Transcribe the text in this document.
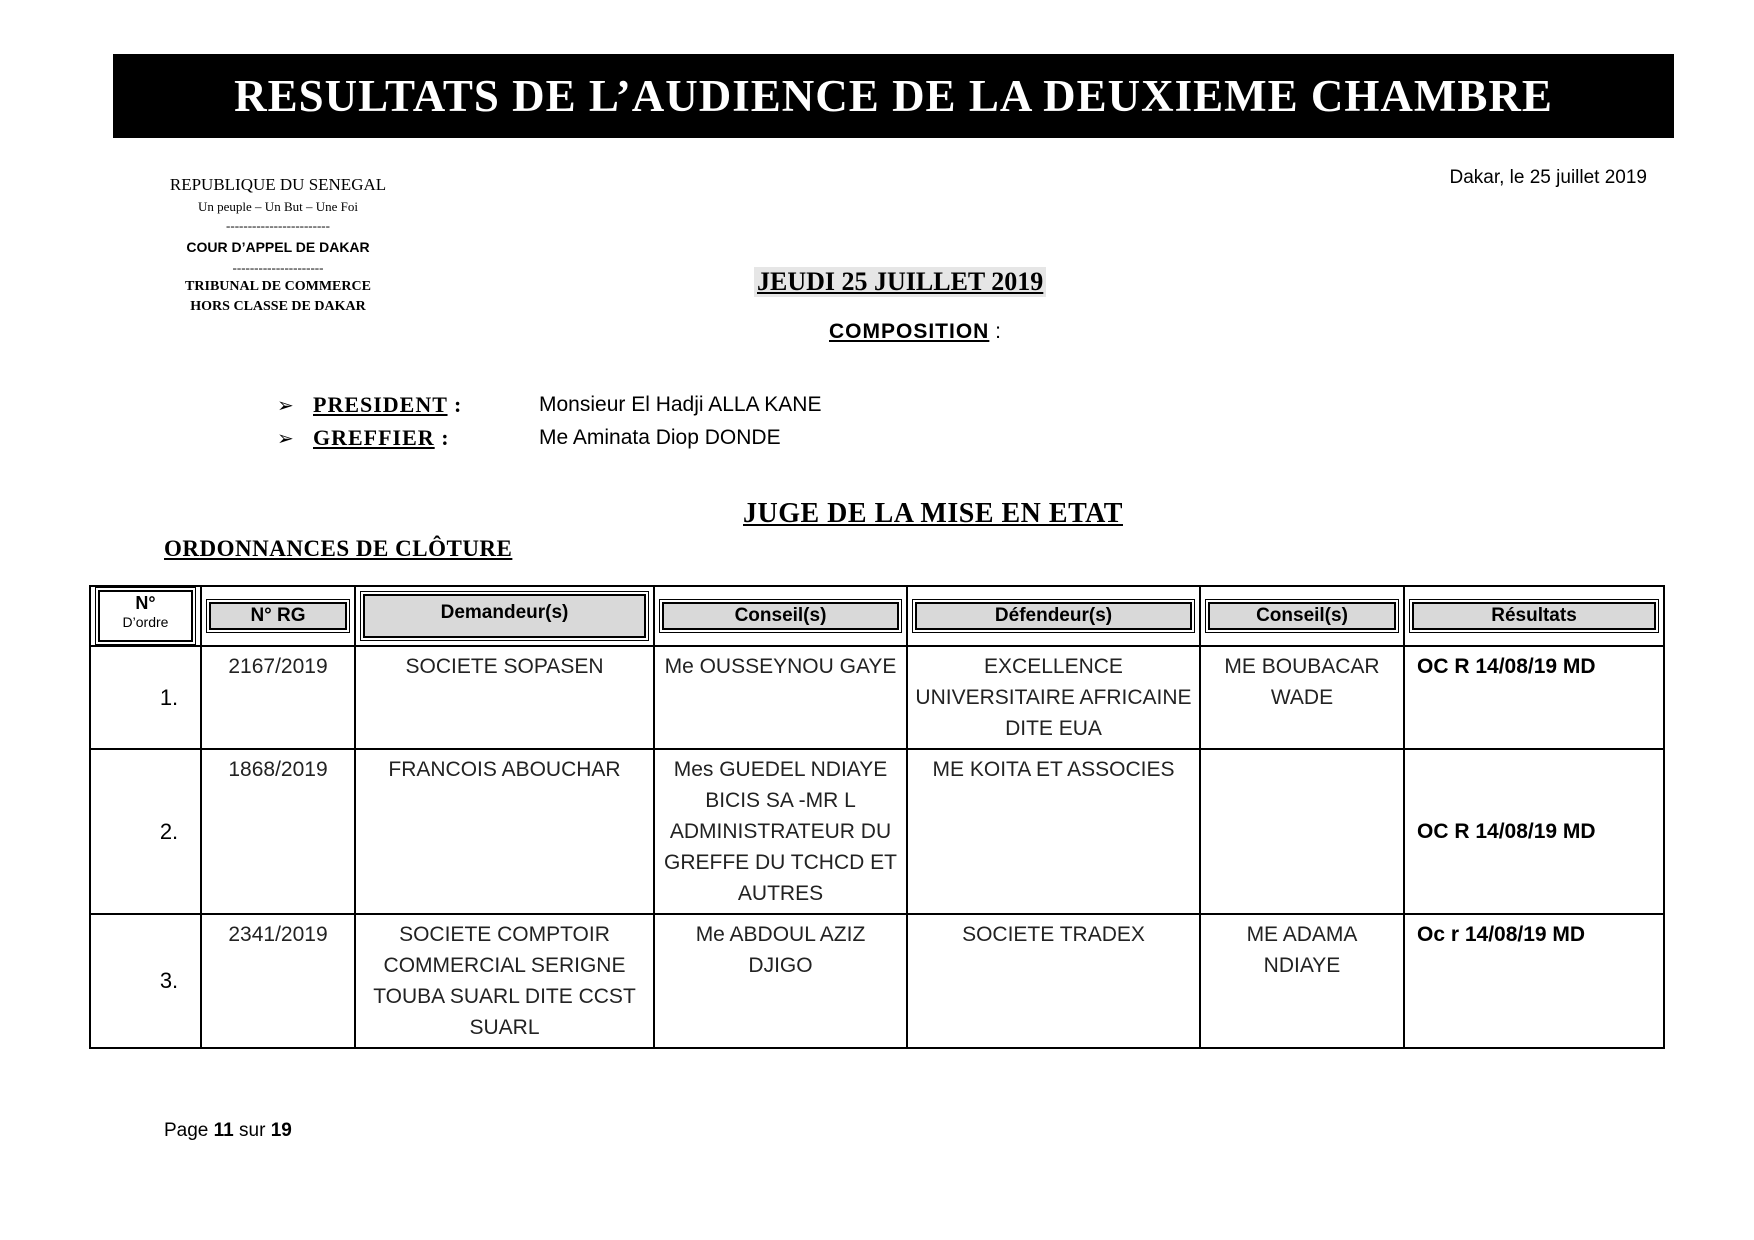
RESULTATS DE L’AUDIENCE DE LA DEUXIEME CHAMBRE
REPUBLIQUE DU SENEGAL
Un peuple – Un But – Une Foi
------------------------
COUR D’APPEL DE DAKAR
---------------------
TRIBUNAL DE COMMERCE
HORS CLASSE DE DAKAR
Dakar, le 25 juillet 2019
JEUDI 25 JUILLET 2019
COMPOSITION :
➢ PRESIDENT :	Monsieur El Hadji ALLA KANE
➢ GREFFIER :	Me Aminata Diop DONDE
JUGE DE LA MISE EN ETAT
ORDONNANCES DE CLÔTURE
N°
D’ordre	N° RG	Demandeur(s)	Conseil(s)	Défendeur(s)	Conseil(s)	Résultats

1.	2167/2019	SOCIETE SOPASEN	Me OUSSEYNOU GAYE	EXCELLENCE UNIVERSITAIRE AFRICAINE DITE EUA	ME BOUBACAR WADE	OC R 14/08/19 MD
2.	1868/2019	FRANCOIS ABOUCHAR	Mes GUEDEL NDIAYE BICIS SA -MR L ADMINISTRATEUR DU GREFFE DU TCHCD ET AUTRES	ME KOITA ET ASSOCIES		OC R 14/08/19 MD
3.	2341/2019	SOCIETE COMPTOIR COMMERCIAL SERIGNE TOUBA SUARL DITE CCST SUARL	Me ABDOUL AZIZ DJIGO	SOCIETE TRADEX	ME ADAMA NDIAYE	Oc r 14/08/19 MD
Page 11 sur 19
